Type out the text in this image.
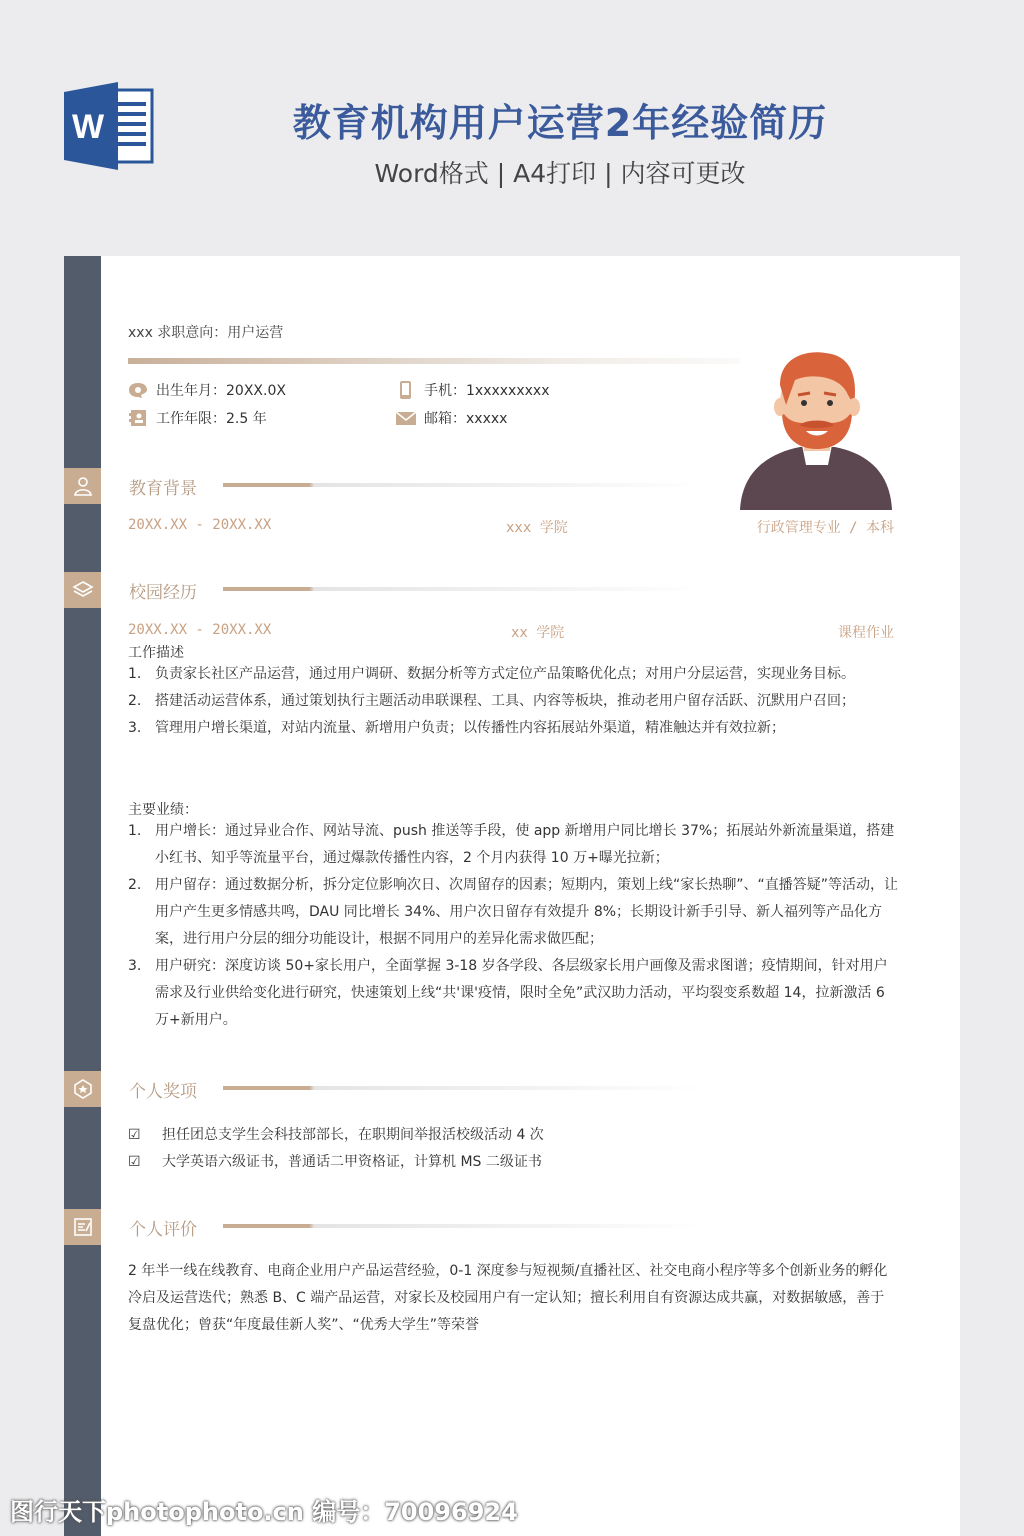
W	教育机构用户运营2年经验简历
Word格式 | A4打印 | 内容可更改
xxx 求职意向：用户运营
出生年月：20XX.0X
工作年限：2.5 年
手机：1xxxxxxxxx
邮箱：xxxxx
教育背景
20XX.XX - 20XX.XX	xxx 学院	行政管理专业 / 本科
校园经历
20XX.XX - 20XX.XX	xx 学院	课程作业
工作描述
1. 负责家长社区产品运营，通过用户调研、数据分析等方式定位产品策略优化点；对用户分层运营，实现业务目标。
2. 搭建活动运营体系，通过策划执行主题活动串联课程、工具、内容等板块，推动老用户留存活跃、沉默用户召回；
3. 管理用户增长渠道，对站内流量、新增用户负责；以传播性内容拓展站外渠道，精准触达并有效拉新；
主要业绩：
1. 用户增长：通过异业合作、网站导流、push 推送等手段，使 app 新增用户同比增长 37%；拓展站外新流量渠道，搭建小红书、知乎等流量平台，通过爆款传播性内容，2 个月内获得 10 万+曝光拉新；
2. 用户留存：通过数据分析，拆分定位影响次日、次周留存的因素；短期内，策划上线“家长热聊”、“直播答疑”等活动，让用户产生更多情感共鸣，DAU 同比增长 34%、用户次日留存有效提升 8%；长期设计新手引导、新人福列等产品化方案，进行用户分层的细分功能设计，根据不同用户的差异化需求做匹配；
3. 用户研究：深度访谈 50+家长用户，全面掌握 3-18 岁各学段、各层级家长用户画像及需求图谱；疫情期间，针对用户需求及行业供给变化进行研究，快速策划上线“共'课'疫情，限时全免”武汉助力活动，平均裂变系数超 14，拉新激活 6 万+新用户。
个人奖项
☑ 担任团总支学生会科技部部长，在职期间举报活校级活动 4 次
☑ 大学英语六级证书，普通话二甲资格证，计算机 MS 二级证书
个人评价
2 年半一线在线教育、电商企业用户产品运营经验，0-1 深度参与短视频/直播社区、社交电商小程序等多个创新业务的孵化冷启及运营迭代；熟悉 B、C 端产品运营，对家长及校园用户有一定认知；擅长利用自有资源达成共赢，对数据敏感，善于复盘优化；曾获“年度最佳新人奖”、“优秀大学生”等荣誉
图行天下photophoto.cn 编号：70096924
